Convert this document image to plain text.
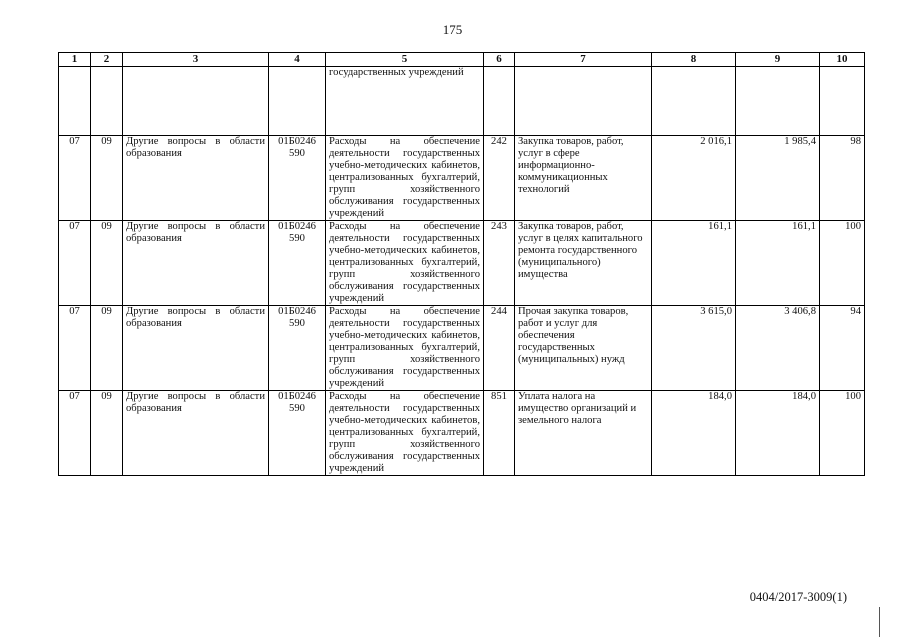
175
1	2	3	4	5	6	7	8	9	10
				государственных учреждений					
07	09	Другие вопросы в области образования	01Б0246 590	Расходы на обеспечение деятельности государственных учебно-методических кабинетов, централизованных бухгалтерий, групп хозяйственного обслуживания государственных учреждений	242	Закупка товаров, работ, услуг в сфере информационно-коммуникационных технологий	2 016,1	1 985,4	98
07	09	Другие вопросы в области образования	01Б0246 590	Расходы на обеспечение деятельности государственных учебно-методических кабинетов, централизованных бухгалтерий, групп хозяйственного обслуживания государственных учреждений	243	Закупка товаров, работ, услуг в целях капитального ремонта государственного (муниципального) имущества	161,1	161,1	100
07	09	Другие вопросы в области образования	01Б0246 590	Расходы на обеспечение деятельности государственных учебно-методических кабинетов, централизованных бухгалтерий, групп хозяйственного обслуживания государственных учреждений	244	Прочая закупка товаров, работ и услуг для обеспечения государственных (муниципальных) нужд	3 615,0	3 406,8	94
07	09	Другие вопросы в области образования	01Б0246 590	Расходы на обеспечение деятельности государственных учебно-методических кабинетов, централизованных бухгалтерий, групп хозяйственного обслуживания государственных учреждений	851	Уплата налога на имущество организаций и земельного налога	184,0	184,0	100
0404/2017-3009(1)
